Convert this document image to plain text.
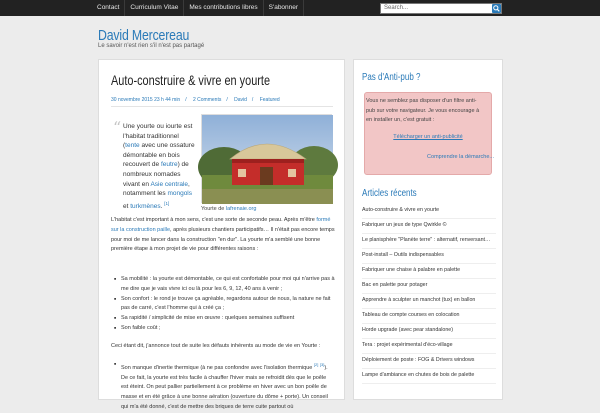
Contact	Curriculum Vitae	Mes contributions libres	S'abonner	Search...
David Mercereau
Le savoir n'est rien s'il n'est pas partagé
Auto-construire & vivre en yourte
30 novembre 2015 23 h 44 min / 2 Comments / David / Featured
“ Une yourte ou iourte est l'habitat traditionnel (tente avec une ossature démontable en bois recouvert de feutre) de nombreux nomades vivant en Asie centrale, notamment les mongols et turkmènes. [1]
Yourte de lafrenaie.org
L'habitat c'est important à mon sens, c'est une sorte de seconde peau. Après m'être formé sur la construction paille, après plusieurs chantiers participatifs… Il n'était pas encore temps pour moi de me lancer dans la construction "en dur". La yourte m'a semblé une bonne première étape à mon projet de vie pour différentes raisons :
■ Sa mobilité : la yourte est démontable, ce qui est confortable pour moi qui n'arrive pas à me dire que je vais vivre ici ou là pour les 6, 9, 12, 40 ans à venir ;
■ Son confort : le rond je trouve ça agréable, regardons autour de nous, la nature ne fait pas de carré, c'est l'homme qui à créé ça ;
■ Sa rapidité / simplicité de mise en œuvre : quelques semaines suffisent
■ Son faible coût ;
Ceci étant dit, j'annonce tout de suite les défauts inhérents au mode de vie en Yourte :
■ Son manque d'inertie thermique (à ne pas confondre avec l'isolation thermique [2] [3]). De ce fait, la yourte est très facile à chauffer l'hiver mais se refroidit dès que le poêle est éteint. On peut pallier partiellement à ce problème en hiver avec un bon poêle de masse et en été grâce à une bonne aération (ouverture du dôme + porte). Un conseil qui m'a été donné, c'est de mettre des briques de terre cuite partout où
Pas d'Anti-pub ?
Vous ne semblez pas disposer d'un filtre anti-pub sur votre navigateur. Je vous encourage à en installer un, c'est gratuit :
Télécharger un anti-publicité
Comprendre la démarche...
Articles récents
Auto-construire & vivre en yourte
Fabriquer un jeux de type Qwirkle ©
Le planisphère "Planète terre" : alternatif, renversant…
Post-install – Outils indispensables
Fabriquer une chaise à palabre en palette
Bac en palette pour potager
Apprendre à sculpter un manchot (tux) en ballon
Tableau de compte courses en colocation
Horde upgrade (avec pear standalone)
Tera : projet expérimental d'éco-village
Déploiement de poste : FOG & Drivers windows
Lampe d'ambiance en chutes de bois de palette
